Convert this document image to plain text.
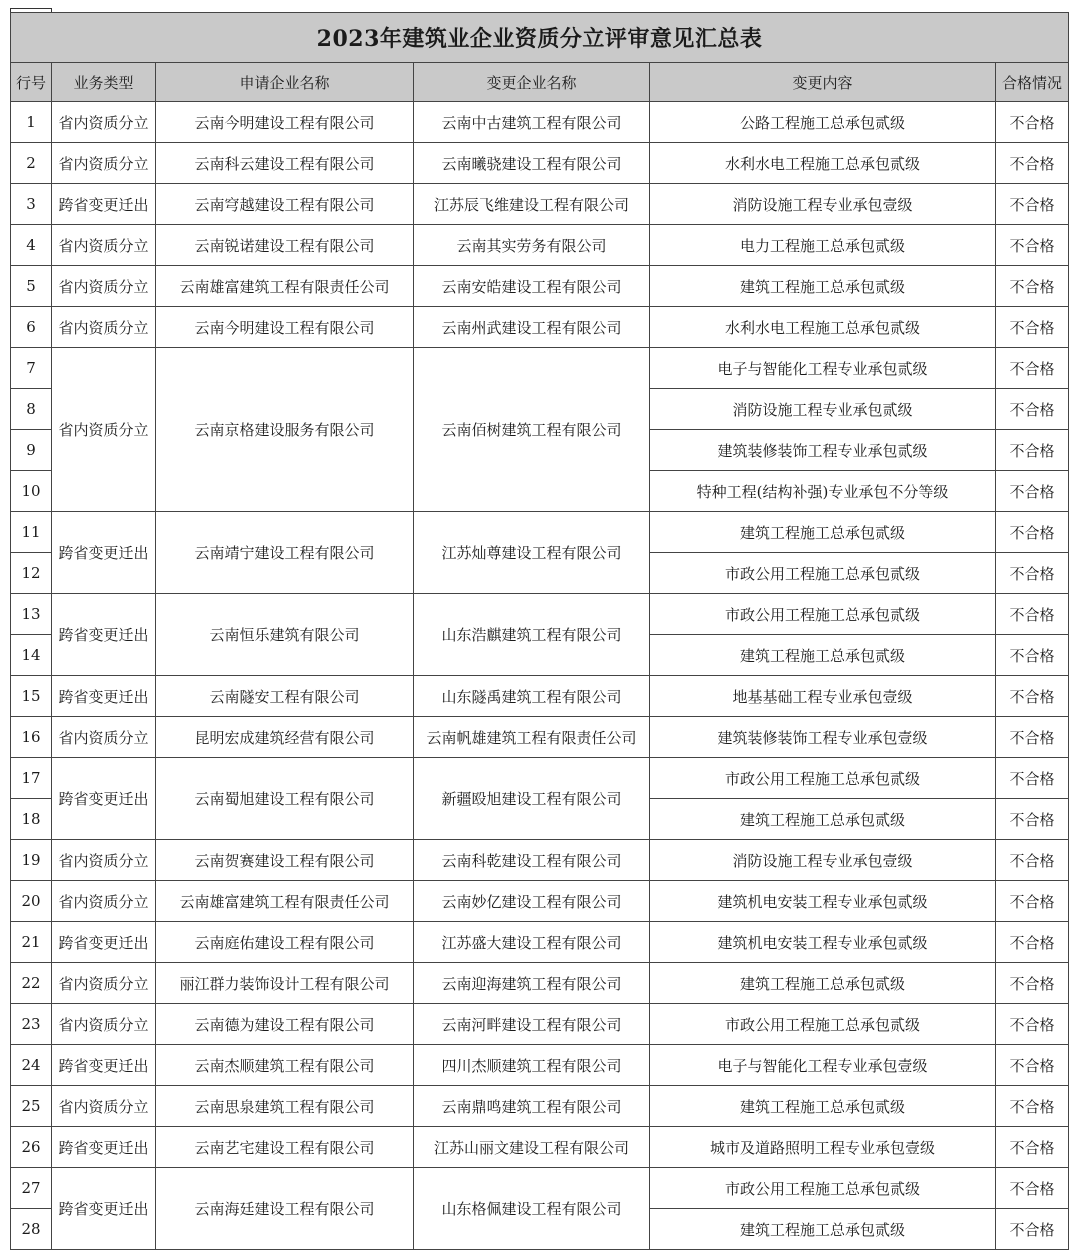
2023年建筑业企业资质分立评审意见汇总表					
行号	业务类型	申请企业名称	变更企业名称	变更内容	合格情况
1	省内资质分立	云南今明建设工程有限公司	云南中古建筑工程有限公司	公路工程施工总承包贰级	不合格
2	省内资质分立	云南科云建设工程有限公司	云南曦骁建设工程有限公司	水利水电工程施工总承包贰级	不合格
3	跨省变更迁出	云南穹越建设工程有限公司	江苏辰飞维建设工程有限公司	消防设施工程专业承包壹级	不合格
4	省内资质分立	云南锐诺建设工程有限公司	云南其实劳务有限公司	电力工程施工总承包贰级	不合格
5	省内资质分立	云南雄富建筑工程有限责任公司	云南安皓建设工程有限公司	建筑工程施工总承包贰级	不合格
6	省内资质分立	云南今明建设工程有限公司	云南州武建设工程有限公司	水利水电工程施工总承包贰级	不合格
7	省内资质分立	云南京格建设服务有限公司	云南佰树建筑工程有限公司	电子与智能化工程专业承包贰级	不合格
8				消防设施工程专业承包贰级	不合格
9				建筑装修装饰工程专业承包贰级	不合格
10				特种工程(结构补强)专业承包不分等级	不合格
11	跨省变更迁出	云南靖宁建设工程有限公司	江苏灿尊建设工程有限公司	建筑工程施工总承包贰级	不合格
12				市政公用工程施工总承包贰级	不合格
13	跨省变更迁出	云南恒乐建筑有限公司	山东浩麒建筑工程有限公司	市政公用工程施工总承包贰级	不合格
14				建筑工程施工总承包贰级	不合格
15	跨省变更迁出	云南隧安工程有限公司	山东隧禹建筑工程有限公司	地基基础工程专业承包壹级	不合格
16	省内资质分立	昆明宏成建筑经营有限公司	云南帆雄建筑工程有限责任公司	建筑装修装饰工程专业承包壹级	不合格
17	跨省变更迁出	云南蜀旭建设工程有限公司	新疆殴旭建设工程有限公司	市政公用工程施工总承包贰级	不合格
18				建筑工程施工总承包贰级	不合格
19	省内资质分立	云南贺赛建设工程有限公司	云南科乾建设工程有限公司	消防设施工程专业承包壹级	不合格
20	省内资质分立	云南雄富建筑工程有限责任公司	云南妙亿建设工程有限公司	建筑机电安装工程专业承包贰级	不合格
21	跨省变更迁出	云南庭佑建设工程有限公司	江苏盛大建设工程有限公司	建筑机电安装工程专业承包贰级	不合格
22	省内资质分立	丽江群力装饰设计工程有限公司	云南迎海建筑工程有限公司	建筑工程施工总承包贰级	不合格
23	省内资质分立	云南德为建设工程有限公司	云南河畔建设工程有限公司	市政公用工程施工总承包贰级	不合格
24	跨省变更迁出	云南杰顺建筑工程有限公司	四川杰顺建筑工程有限公司	电子与智能化工程专业承包壹级	不合格
25	省内资质分立	云南思泉建筑工程有限公司	云南鼎鸣建筑工程有限公司	建筑工程施工总承包贰级	不合格
26	跨省变更迁出	云南艺宅建设工程有限公司	江苏山丽文建设工程有限公司	城市及道路照明工程专业承包壹级	不合格
27	跨省变更迁出	云南海廷建设工程有限公司	山东格佩建设工程有限公司	市政公用工程施工总承包贰级	不合格
28				建筑工程施工总承包贰级	不合格
